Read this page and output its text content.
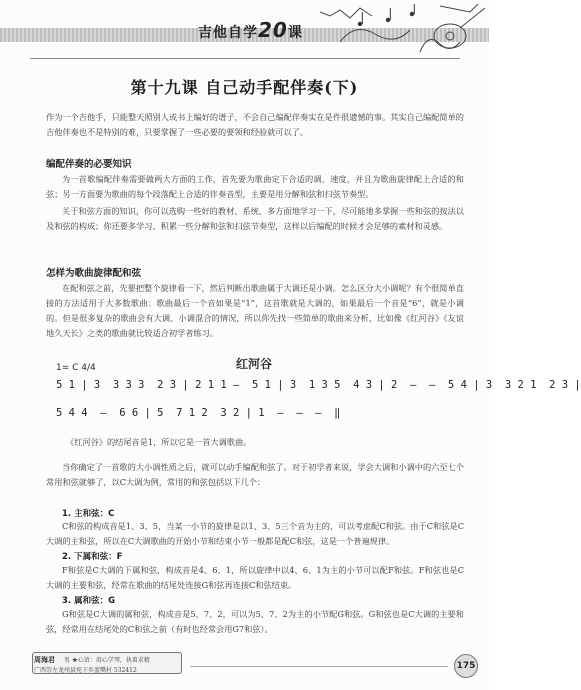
吉他自学20课
第十九课 自己动手配伴奏(下)

作为一个吉他手，只能整天照别人或书上编好的谱子，不会自己编配伴奏实在是件很遗憾的事。其实自己编配简单的吉他伴奏也不是特别的难，只要掌握了一些必要的要领和经验就可以了。

编配伴奏的必要知识

为一首歌编配伴奏需要做两大方面的工作，首先要为歌曲定下合适的调、速度，并且为歌曲旋律配上合适的和弦；另一方面要为歌曲的每个段落配上合适的伴奏音型，主要是用分解和弦和扫弦节奏型。

关于和弦方面的知识，你可以选购一些好的教材、系统、多方面地学习一下，尽可能地多掌握一些和弦的按法以及和弦的构成；你还要多学习、积累一些分解和弦和扫弦节奏型，这样以后编配的时候才会足够的素材和灵感。

怎样为歌曲旋律配和弦

在配和弦之前，先要把整个旋律看一下，然后判断出歌曲属于大调还是小调。怎么区分大小调呢？有个很简单直接的方法适用于大多数歌曲：歌曲最后一个音如果是“1”，这首歌就是大调的，如果最后一个音是“6”，就是小调的。但是很多复杂的歌曲会有大调、小调混合的情况，所以你先找一些简单的歌曲来分析，比如像《红河谷》《友谊地久天长》之类的歌曲就比较适合初学者练习。

1= C 4/4	红河谷
5 1 | 3  3 3 3  2 3 | 2 1 1 –  5 1 | 3  1 3 5  4 3 | 2  –  –  5 4 | 3  3 2 1  2 3 |
5 4 4  –  6 6 | 5  7 1 2  3 2 | 1  –  –  –  ‖
《红河谷》的结尾音是1，所以它是一首大调歌曲。

当你确定了一首歌的大小调性质之后，就可以动手编配和弦了。对于初学者来说，学会大调和小调中的六至七个常用和弦就够了，以C大调为例，常用的和弦包括以下几个：

1. 主和弦：C

C和弦的构成音是1、3、5，当某一小节的旋律是以1、3、5三个音为主的，可以考虑配C和弦。由于C和弦是C大调的主和弦，所以在C大调歌曲的开始小节和结束小节一般都是配C和弦，这是一个普遍规律。

2. 下属和弦：F

F和弦是C大调的下属和弦，构成音是4、6、1，所以旋律中以4、6、1为主的小节可以配F和弦。F和弦也是C大调的主要和弦，经常在歌曲的结尾处连接G和弦再连接C和弦结束。

3. 属和弦：G

G和弦是C大调的属和弦，构成音是5、7、2，可以为5、7、2为主的小节配G和弦。G和弦也是C大调的主要和弦，经常用在结尾处的C和弦之前（有时也经常会用G7和弦）。

周海君 男 ★心语：用心学琴，执着求精
广西崇左龙州县宛卞乡蓝嘴村 532412	175
